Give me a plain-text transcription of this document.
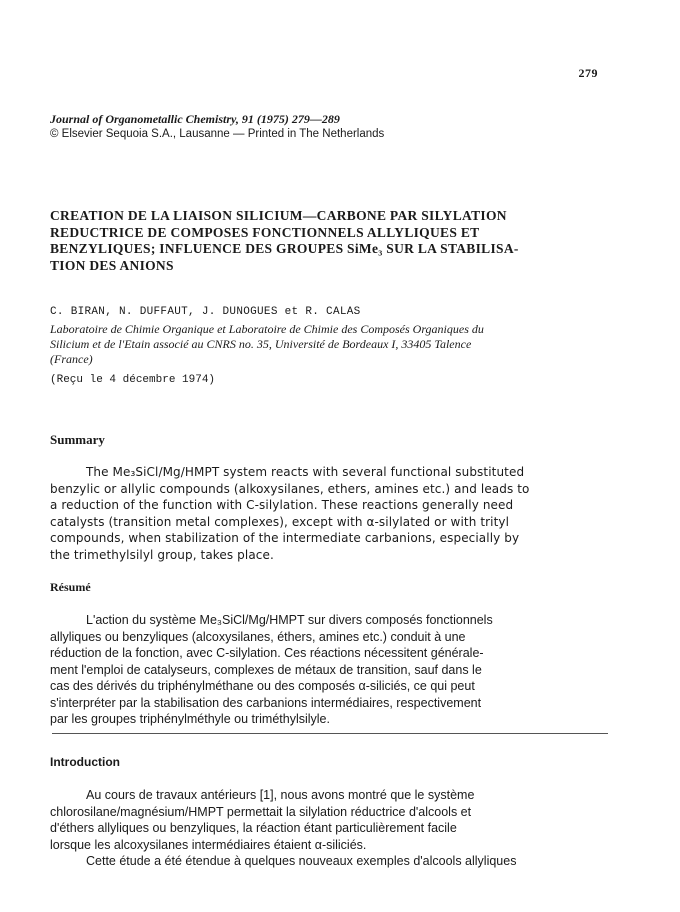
279
Journal of Organometallic Chemistry, 91 (1975) 279—289
© Elsevier Sequoia S.A., Lausanne — Printed in The Netherlands
CREATION DE LA LIAISON SILICIUM—CARBONE PAR SILYLATION
REDUCTRICE DE COMPOSES FONCTIONNELS ALLYLIQUES ET
BENZYLIQUES; INFLUENCE DES GROUPES SiMe₃ SUR LA STABILISA-
TION DES ANIONS
C. BIRAN, N. DUFFAUT, J. DUNOGUES et R. CALAS
Laboratoire de Chimie Organique et Laboratoire de Chimie des Composés Organiques du
Silicium et de l'Etain associé au CNRS no. 35, Université de Bordeaux I, 33405 Talence
(France)
(Reçu le 4 décembre 1974)
Summary
The Me₃SiCl/Mg/HMPT system reacts with several functional substituted
benzylic or allylic compounds (alkoxysilanes, ethers, amines etc.) and leads to
a reduction of the function with C-silylation. These reactions generally need
catalysts (transition metal complexes), except with α-silylated or with trityl
compounds, when stabilization of the intermediate carbanions, especially by
the trimethylsilyl group, takes place.
Résumé
L'action du système Me₃SiCl/Mg/HMPT sur divers composés fonctionnels
allyliques ou benzyliques (alcoxysilanes, éthers, amines etc.) conduit à une
réduction de la fonction, avec C-silylation. Ces réactions nécessitent générale-
ment l'emploi de catalyseurs, complexes de métaux de transition, sauf dans le
cas des dérivés du triphénylméthane ou des composés α-siliciés, ce qui peut
s'interpréter par la stabilisation des carbanions intermédiaires, respectivement
par les groupes triphénylméthyle ou triméthylsilyle.
Introduction
Au cours de travaux antérieurs [1], nous avons montré que le système
chlorosilane/magnésium/HMPT permettait la silylation réductrice d'alcools et
d'éthers allyliques ou benzyliques, la réaction étant particulièrement facile
lorsque les alcoxysilanes intermédiaires étaient α-siliciés.
Cette étude a été étendue à quelques nouveaux exemples d'alcools allyliques
